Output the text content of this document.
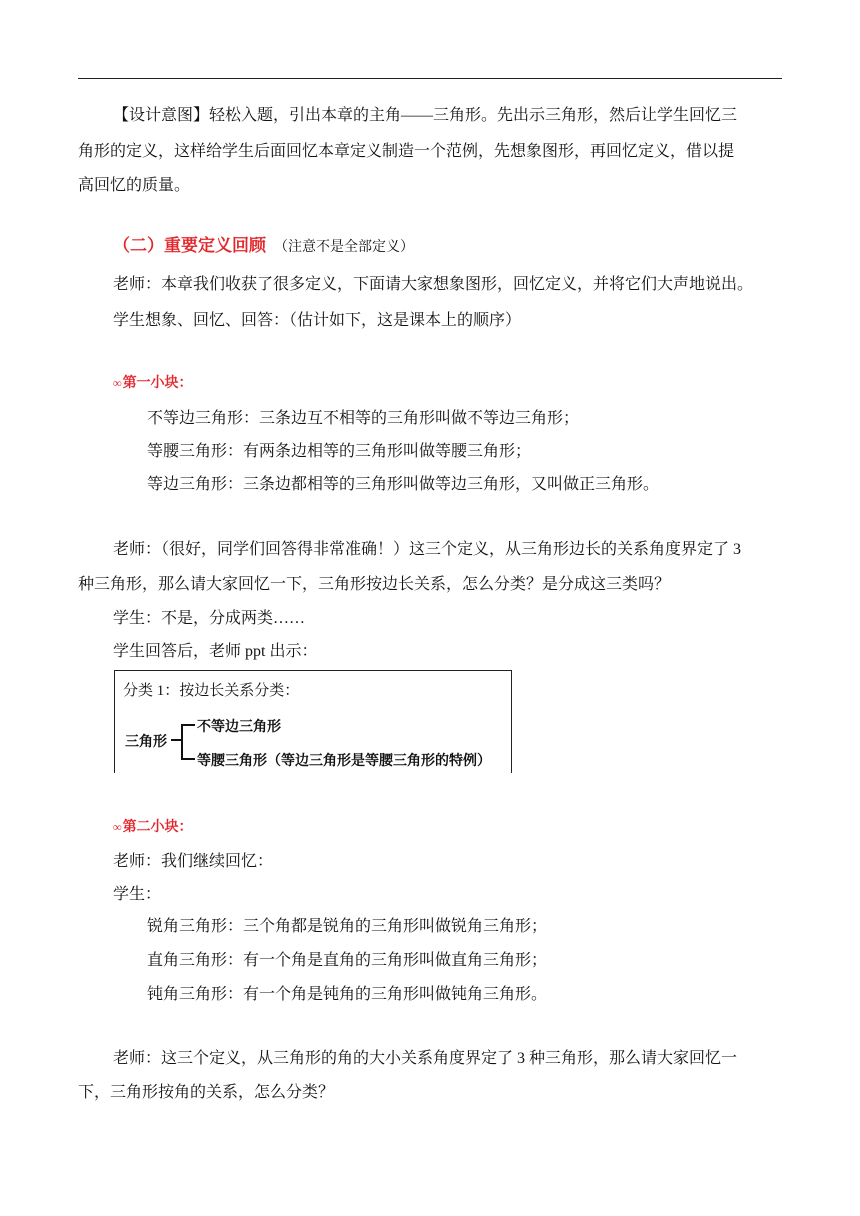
【设计意图】轻松入题，引出本章的主角——三角形。先出示三角形，然后让学生回忆三
角形的定义，这样给学生后面回忆本章定义制造一个范例，先想象图形，再回忆定义，借以提
高回忆的质量。
（二）重要定义回顾 （注意不是全部定义）
老师：本章我们收获了很多定义，下面请大家想象图形，回忆定义，并将它们大声地说出。
学生想象、回忆、回答：（估计如下，这是课本上的顺序）
∞第一小块：
不等边三角形：三条边互不相等的三角形叫做不等边三角形；
等腰三角形：有两条边相等的三角形叫做等腰三角形；
等边三角形：三条边都相等的三角形叫做等边三角形，又叫做正三角形。
老师：（很好，同学们回答得非常准确！）这三个定义，从三角形边长的关系角度界定了 3
种三角形，那么请大家回忆一下，三角形按边长关系，怎么分类？是分成这三类吗？
学生：不是，分成两类……
学生回答后，老师 ppt 出示：
分类 1：按边长关系分类：
三角形
不等边三角形
等腰三角形（等边三角形是等腰三角形的特例）
∞第二小块：
老师：我们继续回忆：
学生：
锐角三角形：三个角都是锐角的三角形叫做锐角三角形；
直角三角形：有一个角是直角的三角形叫做直角三角形；
钝角三角形：有一个角是钝角的三角形叫做钝角三角形。
老师：这三个定义，从三角形的角的大小关系角度界定了 3 种三角形，那么请大家回忆一
下，三角形按角的关系，怎么分类？
